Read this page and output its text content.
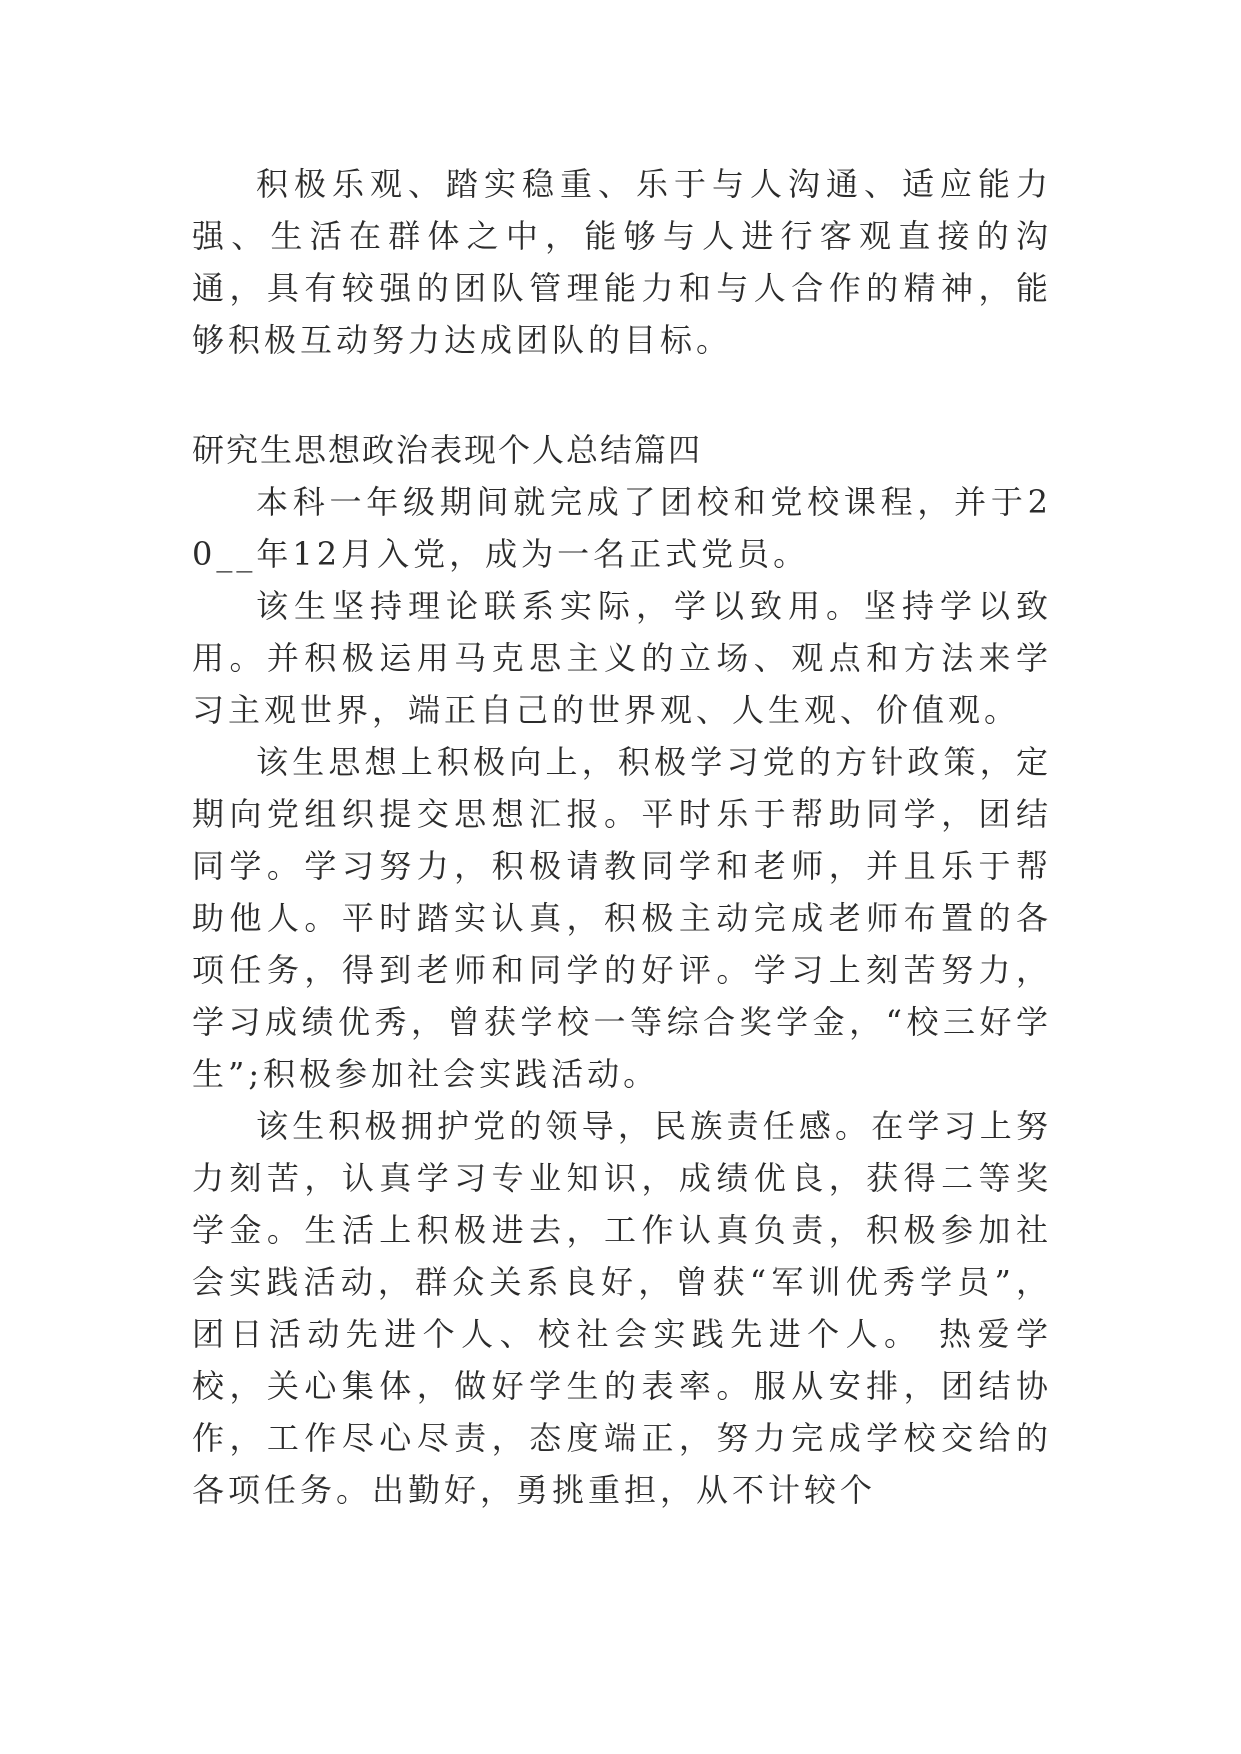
积极乐观、踏实稳重、乐于与人沟通、适应能力强、生活在群体之中，能够与人进行客观直接的沟通，具有较强的团队管理能力和与人合作的精神，能够积极互动努力达成团队的目标。

研究生思想政治表现个人总结篇四

本科一年级期间就完成了团校和党校课程，并于20__年12月入党，成为一名正式党员。

该生坚持理论联系实际，学以致用。坚持学以致用。并积极运用马克思主义的立场、观点和方法来学习主观世界，端正自己的世界观、人生观、价值观。

该生思想上积极向上，积极学习党的方针政策，定期向党组织提交思想汇报。平时乐于帮助同学，团结同学。学习努力，积极请教同学和老师，并且乐于帮助他人。平时踏实认真，积极主动完成老师布置的各项任务，得到老师和同学的好评。学习上刻苦努力，学习成绩优秀，曾获学校一等综合奖学金，“校三好学生”;积极参加社会实践活动。

该生积极拥护党的领导，民族责任感。在学习上努力刻苦，认真学习专业知识，成绩优良，获得二等奖学金。生活上积极进去，工作认真负责，积极参加社会实践活动，群众关系良好，曾获“军训优秀学员”，团日活动先进个人、校社会实践先进个人。 热爱学校，关心集体，做好学生的表率。服从安排，团结协作，工作尽心尽责，态度端正，努力完成学校交给的各项任务。出勤好，勇挑重担，从不计较个
